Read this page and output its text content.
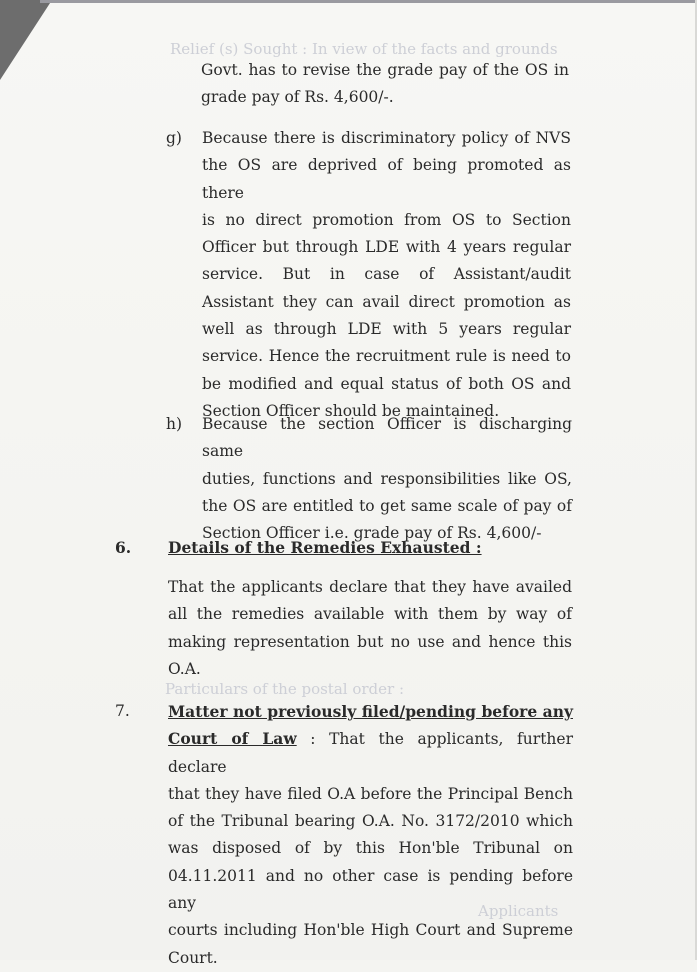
Relief (s) Sought : In view of the facts and grounds
Particulars of the postal order :
Applicants
Govt. has to revise the grade pay of the OS in
grade pay of Rs. 4,600/-.
g) Because there is discriminatory policy of NVS
the OS are deprived of being promoted as there
is no direct promotion from OS to Section
Officer but through LDE with 4 years regular
service. But in case of Assistant/audit
Assistant they can avail direct promotion as
well as through LDE with 5 years regular
service. Hence the recruitment rule is need to
be modified and equal status of both OS and
Section Officer should be maintained.
h) Because the section Officer is discharging same
duties, functions and responsibilities like OS,
the OS are entitled to get same scale of pay of
Section Officer i.e. grade pay of Rs. 4,600/-
6. Details of the Remedies Exhausted :
That the applicants declare that they have availed
all the remedies available with them by way of
making representation but no use and hence this
O.A.
7. Matter not previously filed/pending before any
Court of Law : That the applicants, further declare
that they have filed O.A before the Principal Bench
of the Tribunal bearing O.A. No. 3172/2010 which
was disposed of by this Hon'ble Tribunal on
04.11.2011 and no other case is pending before any
courts including Hon'ble High Court and Supreme
Court.
